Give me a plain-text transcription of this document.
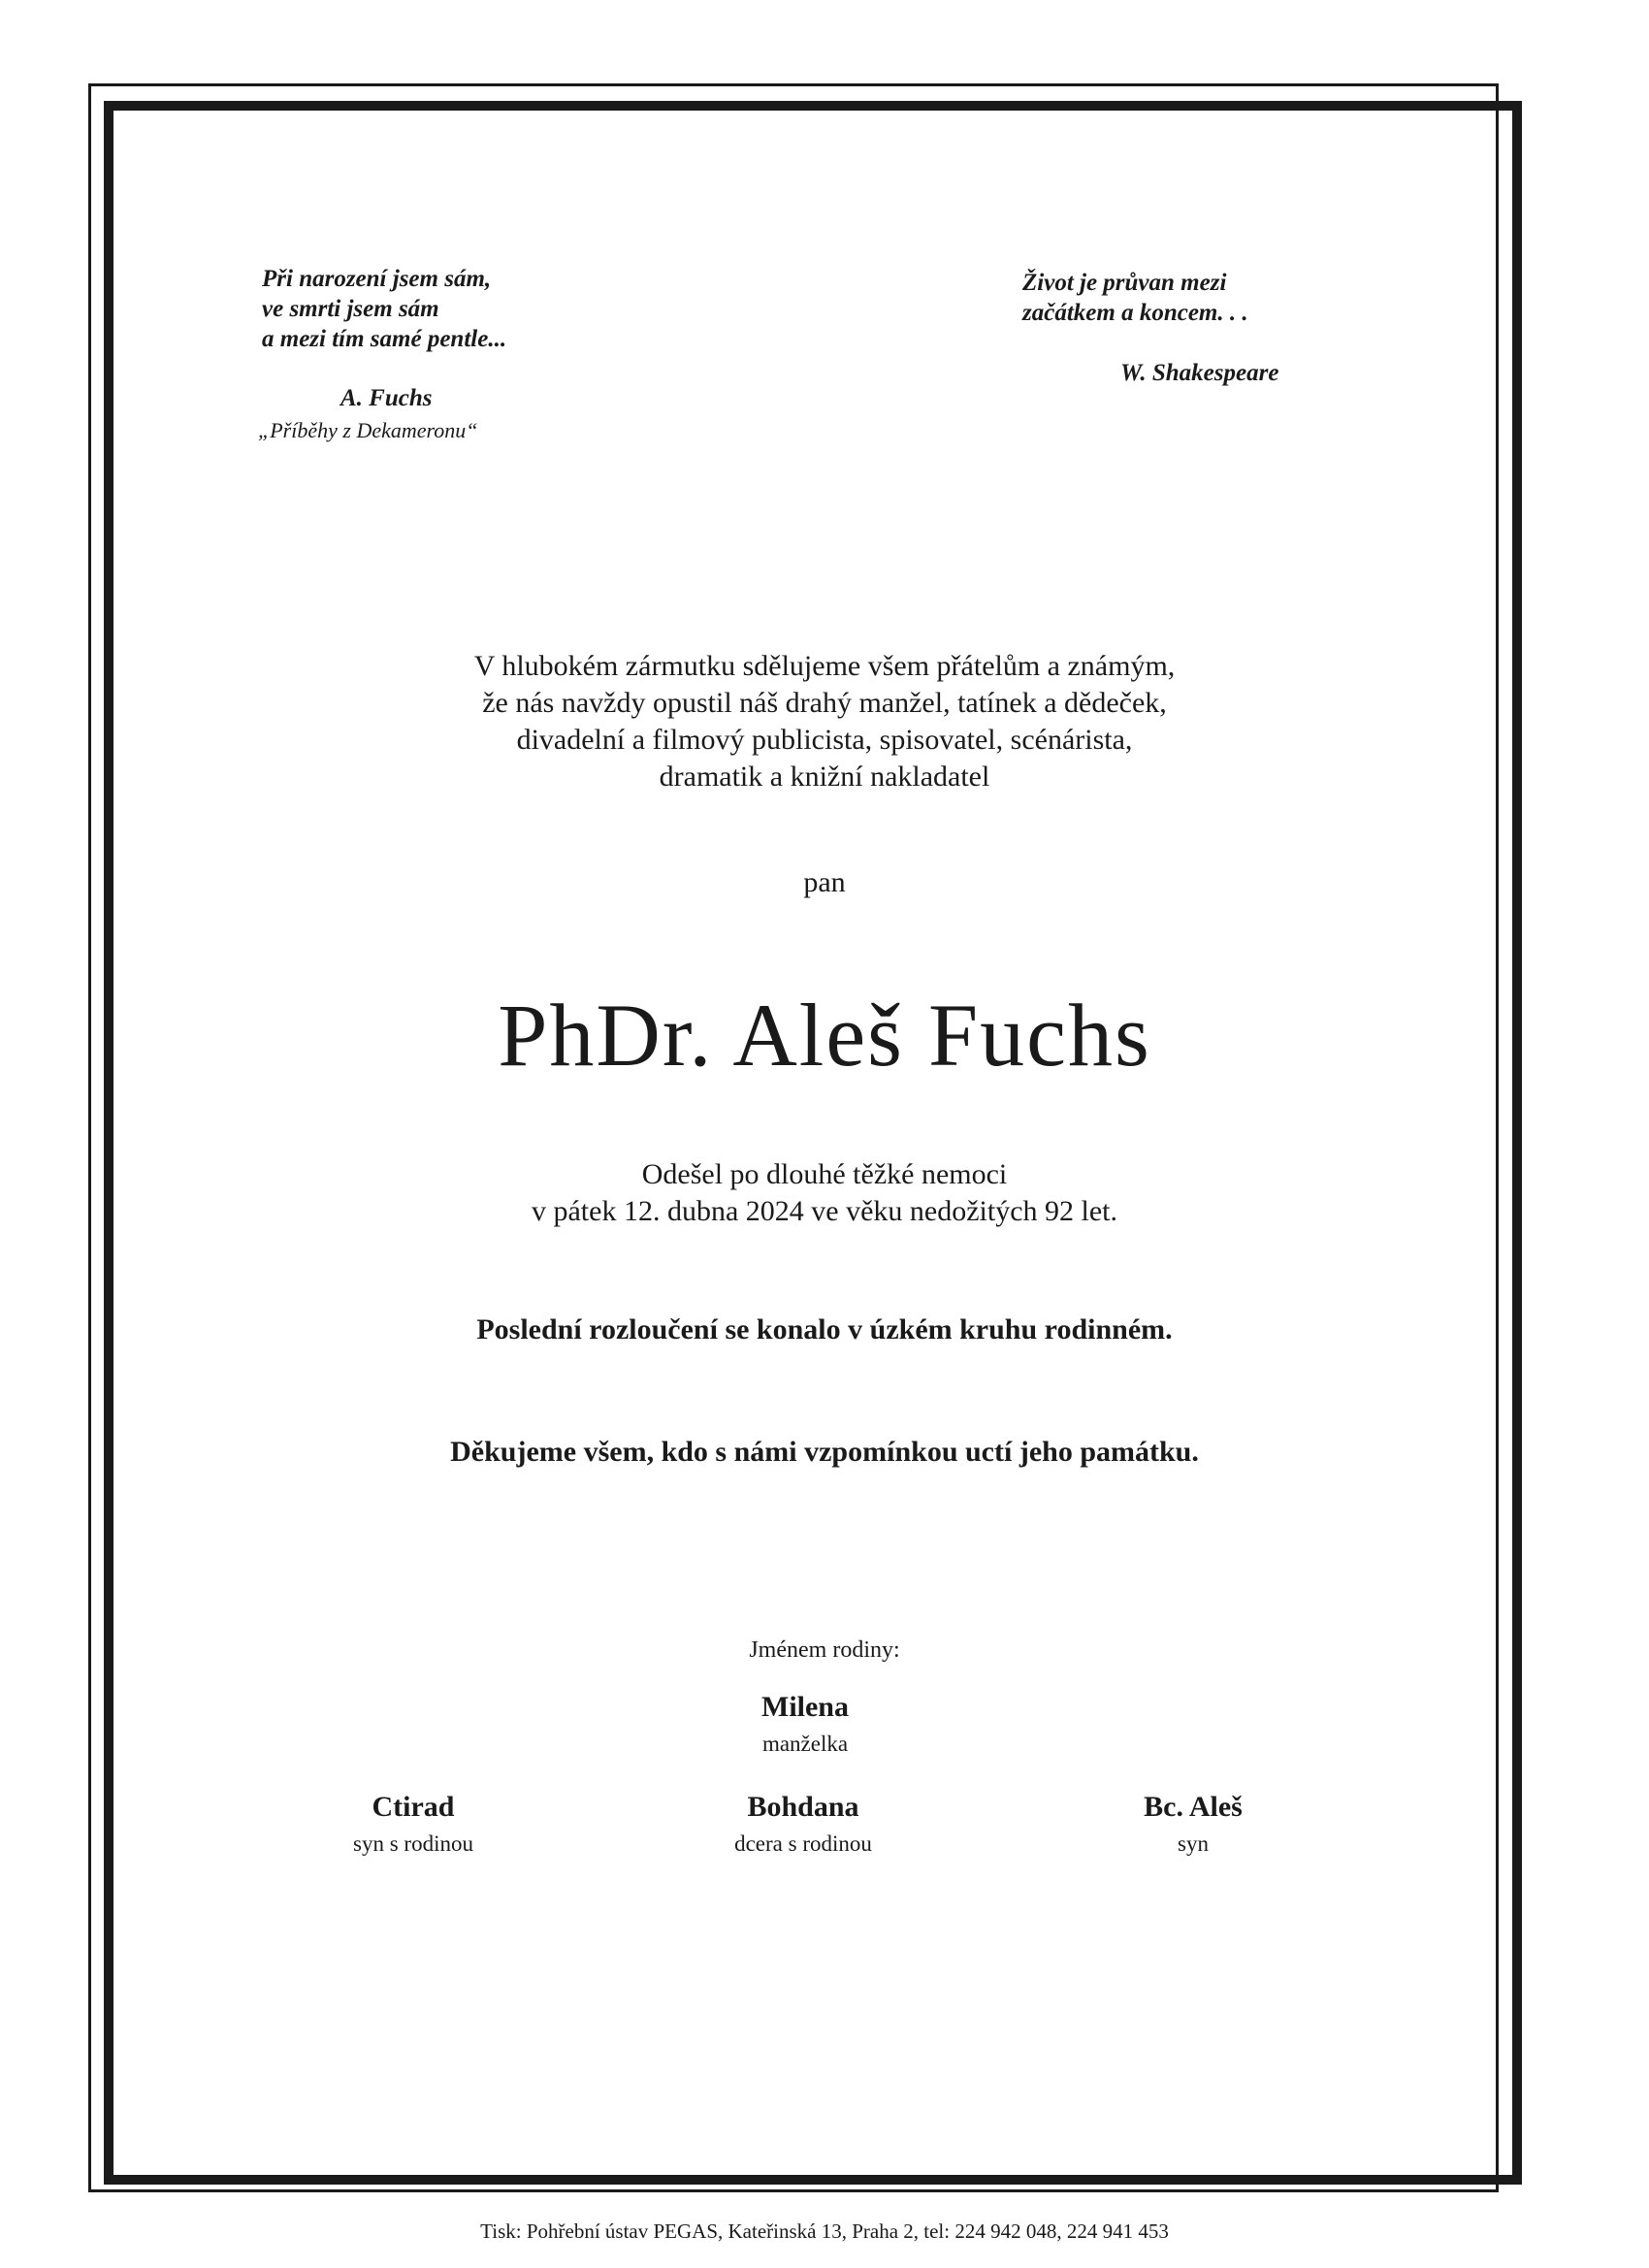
Při narození jsem sám,
ve smrti jsem sám
a mezi tím samé pentle...
A. Fuchs
„Příběhy z Dekameronu“
Život je průvan mezi
začátkem a koncem. . .
W. Shakespeare
V hlubokém zármutku sdělujeme všem přátelům a známým,
že nás navždy opustil náš drahý manžel, tatínek a dědeček,
divadelní a filmový publicista, spisovatel, scénárista,
dramatik a knižní nakladatel
pan
PhDr. Aleš Fuchs
Odešel po dlouhé těžké nemoci
v pátek 12. dubna 2024 ve věku nedožitých 92 let.
Poslední rozloučení se konalo v úzkém kruhu rodinném.
Děkujeme všem, kdo s námi vzpomínkou uctí jeho památku.
Jménem rodiny:
Milena
manželka
Ctirad
syn s rodinou
Bohdana
dcera s rodinou
Bc. Aleš
syn
Tisk: Pohřební ústav PEGAS, Kateřinská 13, Praha 2, tel: 224 942 048, 224 941 453
